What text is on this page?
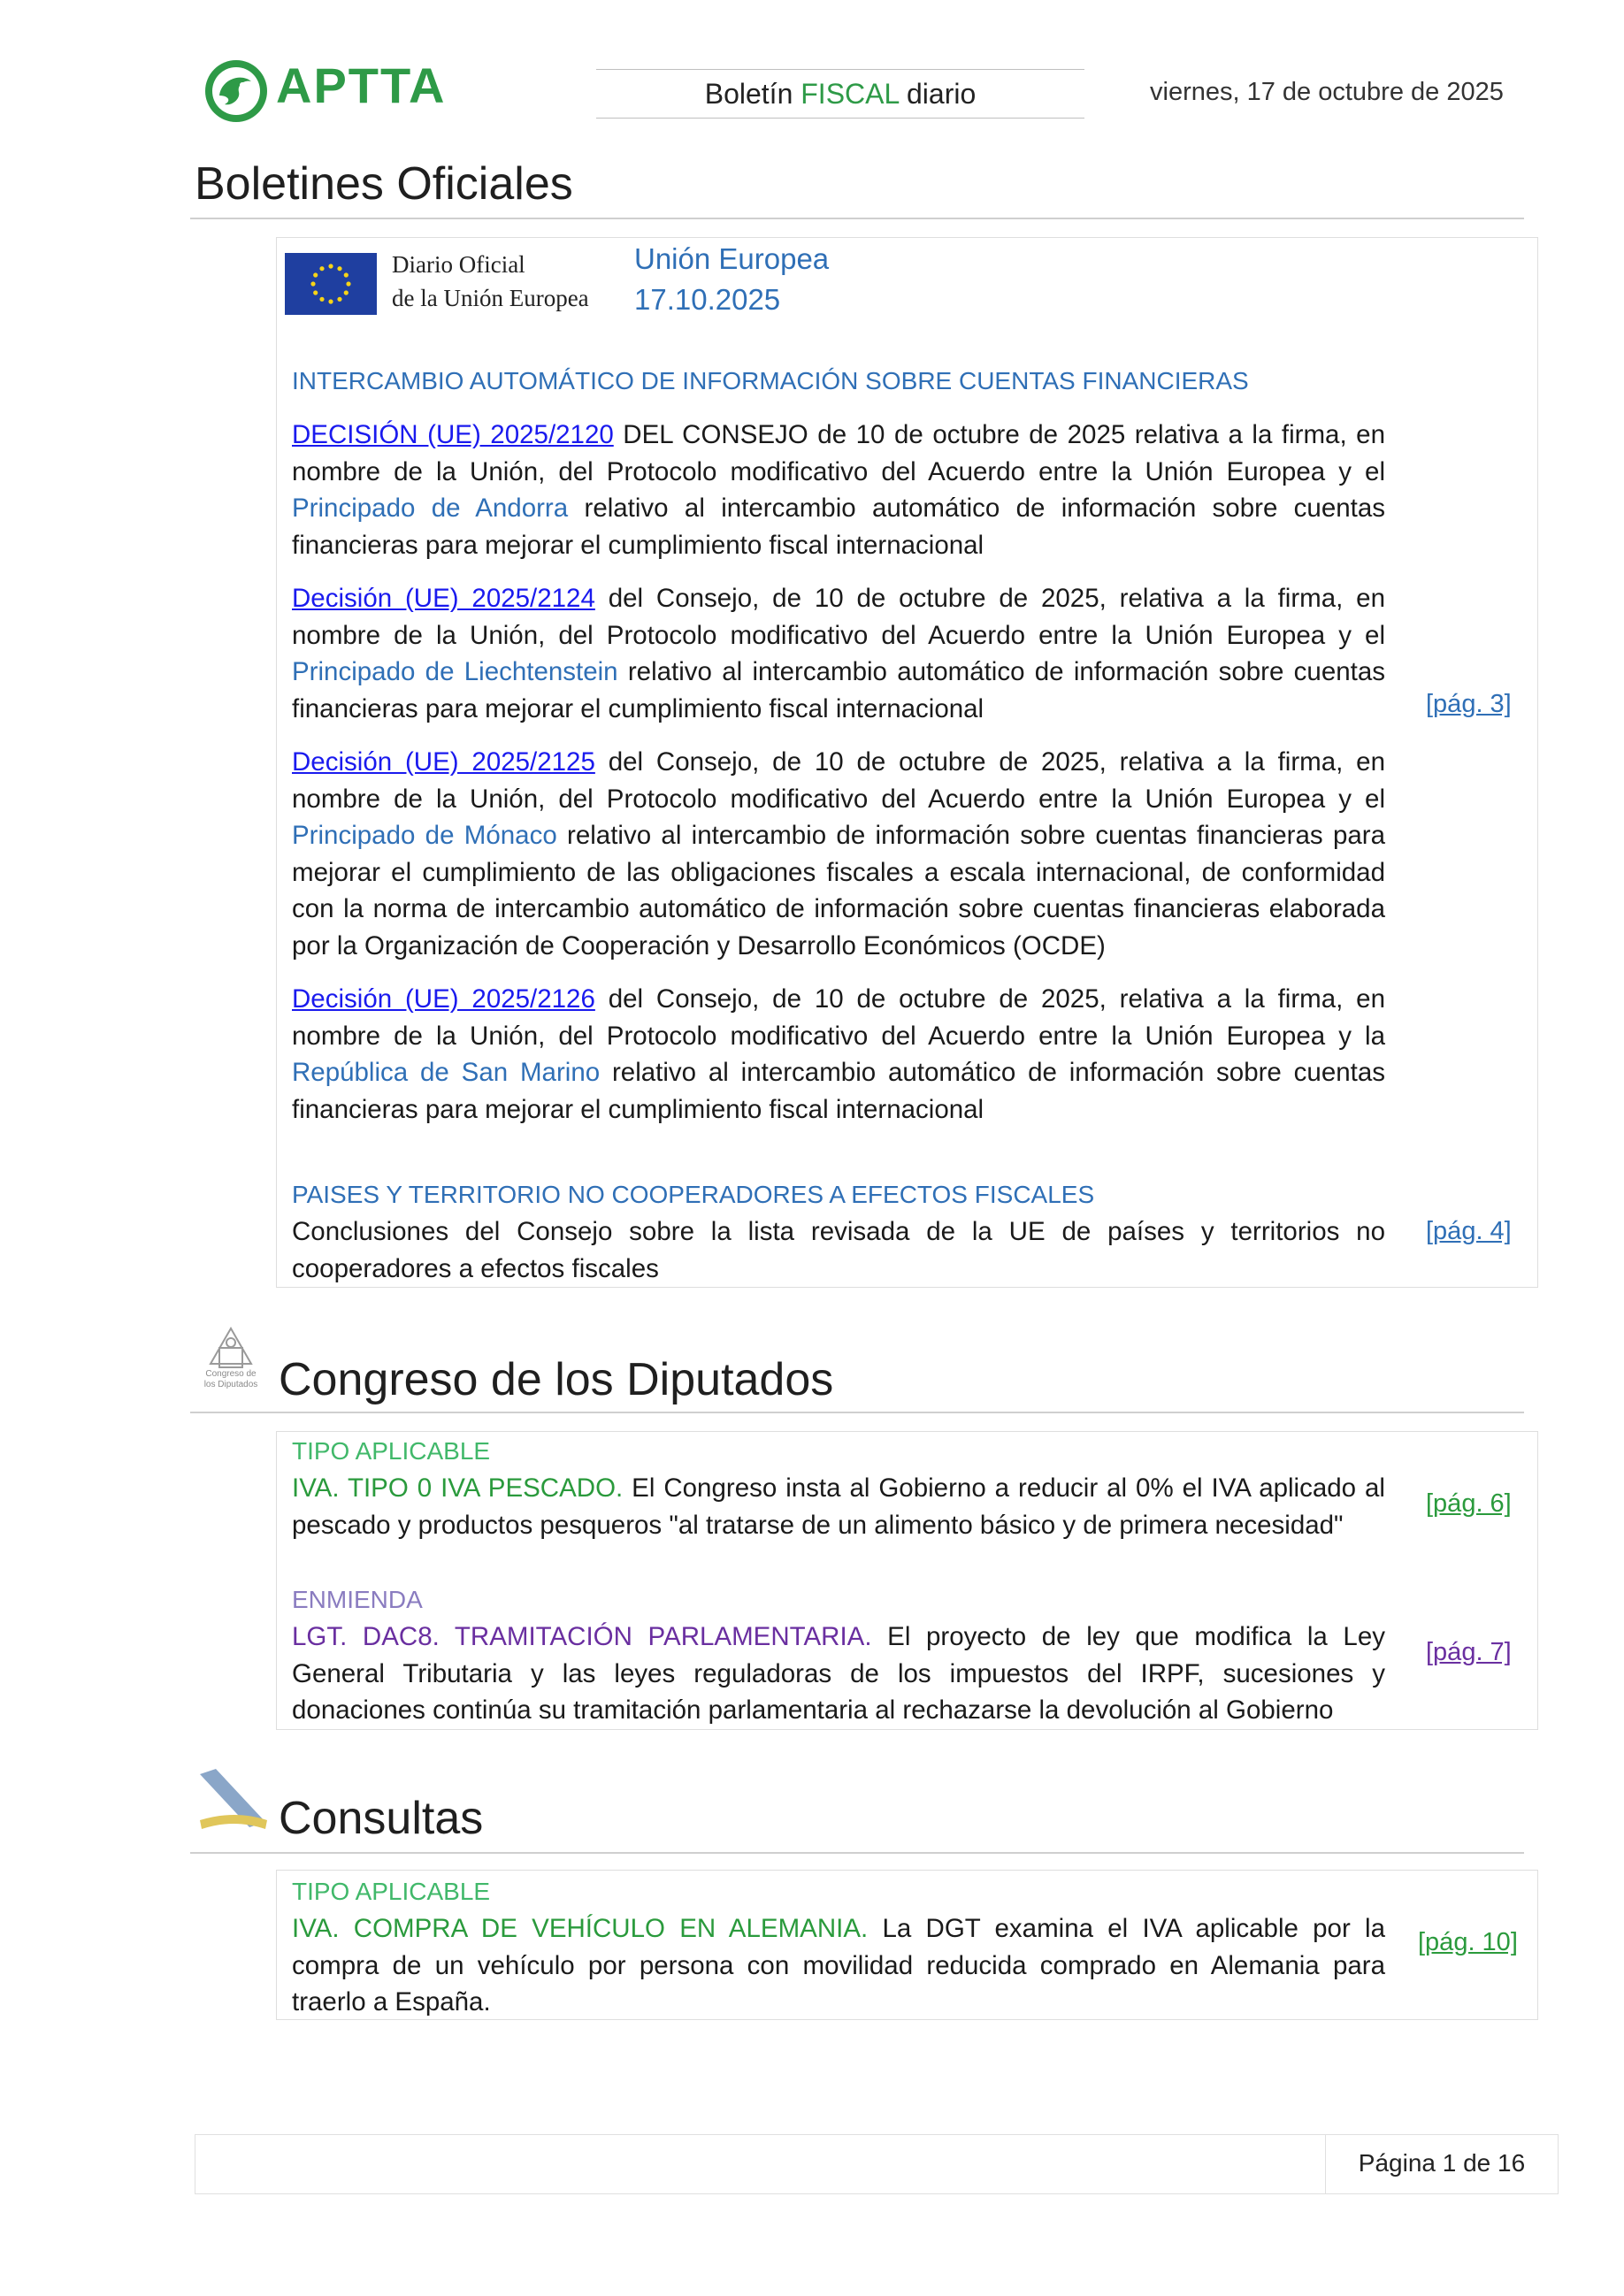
APTTA	Boletín FISCAL diario	viernes, 17 de octubre de 2025
Boletines Oficiales
Diario Oficial
de la Unión Europea
Unión Europea
17.10.2025
INTERCAMBIO AUTOMÁTICO DE INFORMACIÓN SOBRE CUENTAS FINANCIERAS
DECISIÓN (UE) 2025/2120 DEL CONSEJO de 10 de octubre de 2025 relativa a la firma, en nombre de la Unión, del Protocolo modificativo del Acuerdo entre la Unión Europea y el Principado de Andorra relativo al intercambio automático de información sobre cuentas financieras para mejorar el cumplimiento fiscal internacional
Decisión (UE) 2025/2124 del Consejo, de 10 de octubre de 2025, relativa a la firma, en nombre de la Unión, del Protocolo modificativo del Acuerdo entre la Unión Europea y el Principado de Liechtenstein relativo al intercambio automático de información sobre cuentas financieras para mejorar el cumplimiento fiscal internacional
Decisión (UE) 2025/2125 del Consejo, de 10 de octubre de 2025, relativa a la firma, en nombre de la Unión, del Protocolo modificativo del Acuerdo entre la Unión Europea y el Principado de Mónaco relativo al intercambio de información sobre cuentas financieras para mejorar el cumplimiento de las obligaciones fiscales a escala internacional, de conformidad con la norma de intercambio automático de información sobre cuentas financieras elaborada por la Organización de Cooperación y Desarrollo Económicos (OCDE)
Decisión (UE) 2025/2126 del Consejo, de 10 de octubre de 2025, relativa a la firma, en nombre de la Unión, del Protocolo modificativo del Acuerdo entre la Unión Europea y la República de San Marino relativo al intercambio automático de información sobre cuentas financieras para mejorar el cumplimiento fiscal internacional
[pág. 3]
PAISES Y TERRITORIO NO COOPERADORES A EFECTOS FISCALES
Conclusiones del Consejo sobre la lista revisada de la UE de países y territorios no cooperadores a efectos fiscales
[pág. 4]
Congreso de
los Diputados Congreso de los Diputados
TIPO APLICABLE
IVA. TIPO 0 IVA PESCADO. El Congreso insta al Gobierno a reducir al 0% el IVA aplicado al pescado y productos pesqueros "al tratarse de un alimento básico y de primera necesidad"
[pág. 6]
ENMIENDA
LGT. DAC8. TRAMITACIÓN PARLAMENTARIA. El proyecto de ley que modifica la Ley General Tributaria y las leyes reguladoras de los impuestos del IRPF, sucesiones y donaciones continúa su tramitación parlamentaria al rechazarse la devolución al Gobierno
[pág. 7]
Consultas
TIPO APLICABLE
IVA. COMPRA DE VEHÍCULO EN ALEMANIA. La DGT examina el IVA aplicable por la compra de un vehículo por persona con movilidad reducida comprado en Alemania para traerlo a España.
[pág. 10]
Página 1 de 16
